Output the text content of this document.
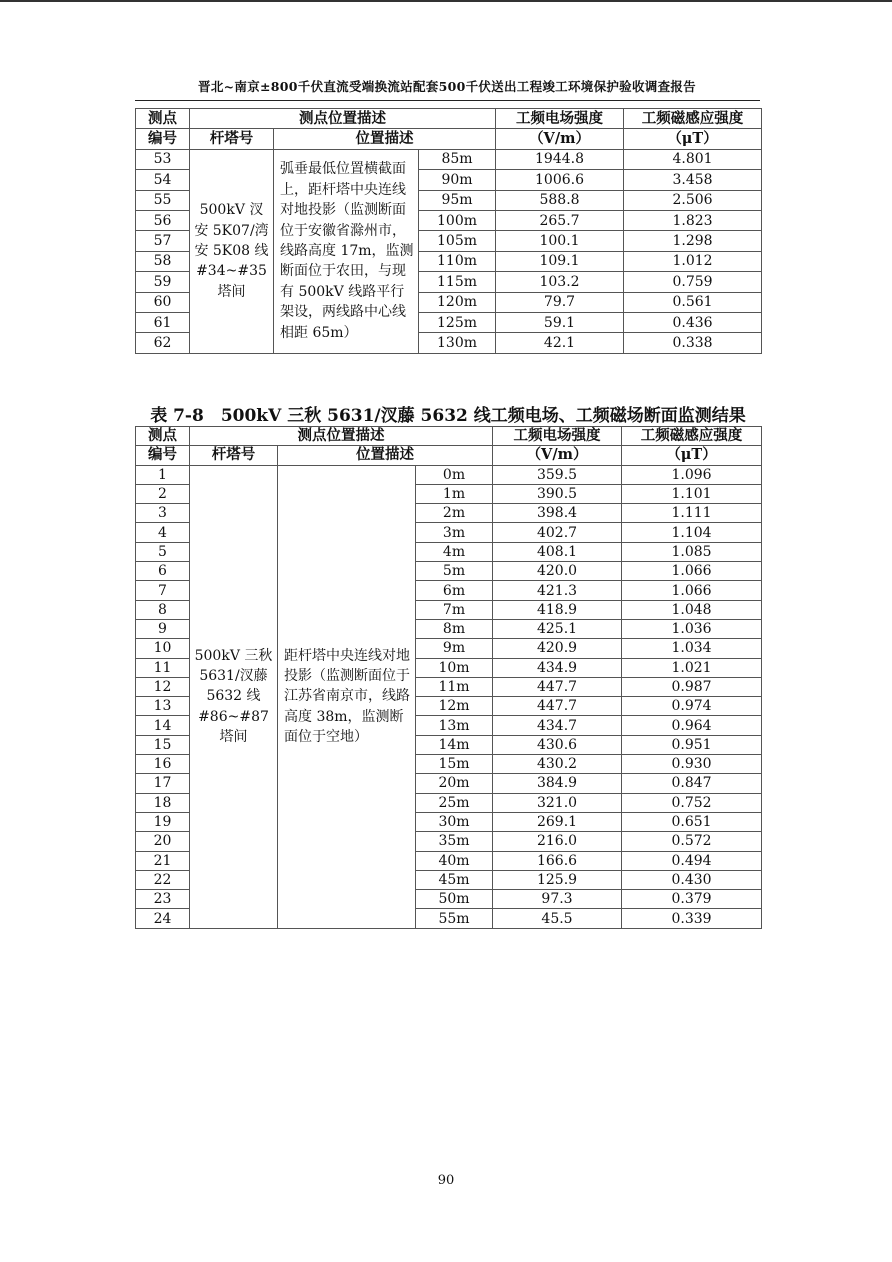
晋北~南京±800千伏直流受端换流站配套500千伏送出工程竣工环境保护验收调查报告
测点	测点位置描述			工频电场强度	工频磁感应强度
编号	杆塔号	位置描述		（V/m）	（μT）
53	500kV 汊安 5K07/湾安 5K08 线#34~#35 塔间	弧垂最低位置横截面上，距杆塔中央连线对地投影（监测断面位于安徽省滁州市，线路高度 17m，监测断面位于农田，与现有 500kV 线路平行架设，两线路中心线相距 65m）	85m	1944.8	4.801
54			90m	1006.6	3.458
55			95m	588.8	2.506
56			100m	265.7	1.823
57			105m	100.1	1.298
58			110m	109.1	1.012
59			115m	103.2	0.759
60			120m	79.7	0.561
61			125m	59.1	0.436
62			130m	42.1	0.338
表 7-8　500kV 三秋 5631/汊藤 5632 线工频电场、工频磁场断面监测结果
测点	测点位置描述			工频电场强度	工频磁感应强度
编号	杆塔号	位置描述		（V/m）	（μT）
1	500kV 三秋 5631/汊藤 5632 线#86~#87 塔间	距杆塔中央连线对地投影（监测断面位于江苏省南京市，线路高度 38m，监测断面位于空地）	0m	359.5	1.096
2			1m	390.5	1.101
3			2m	398.4	1.111
4			3m	402.7	1.104
5			4m	408.1	1.085
6			5m	420.0	1.066
7			6m	421.3	1.066
8			7m	418.9	1.048
9			8m	425.1	1.036
10			9m	420.9	1.034
11			10m	434.9	1.021
12			11m	447.7	0.987
13			12m	447.7	0.974
14			13m	434.7	0.964
15			14m	430.6	0.951
16			15m	430.2	0.930
17			20m	384.9	0.847
18			25m	321.0	0.752
19			30m	269.1	0.651
20			35m	216.0	0.572
21			40m	166.6	0.494
22			45m	125.9	0.430
23			50m	97.3	0.379
24			55m	45.5	0.339
90
